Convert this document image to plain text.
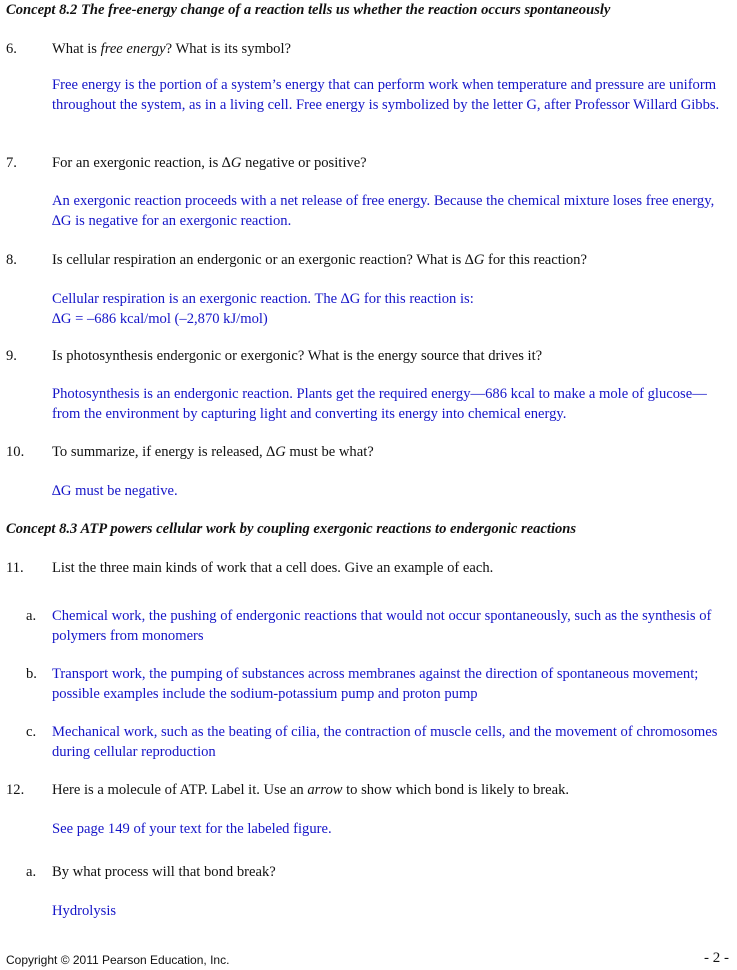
Concept 8.2 The free-energy change of a reaction tells us whether the reaction occurs spontaneously
6.	What is free energy? What is its symbol?
Free energy is the portion of a system’s energy that can perform work when temperature and pressure are uniform throughout the system, as in a living cell. Free energy is symbolized by the letter G, after Professor Willard Gibbs.
7.	For an exergonic reaction, is ∆G negative or positive?
An exergonic reaction proceeds with a net release of free energy. Because the chemical mixture loses free energy, ∆G is negative for an exergonic reaction.
8.	Is cellular respiration an endergonic or an exergonic reaction? What is ∆G for this reaction?
Cellular respiration is an exergonic reaction. The ∆G for this reaction is:
∆G = –686 kcal/mol (–2,870 kJ/mol)
9.	Is photosynthesis endergonic or exergonic? What is the energy source that drives it?
Photosynthesis is an endergonic reaction. Plants get the required energy—686 kcal to make a mole of glucose—from the environment by capturing light and converting its energy into chemical energy.
10.	To summarize, if energy is released, ∆G must be what?
∆G must be negative.
Concept 8.3 ATP powers cellular work by coupling exergonic reactions to endergonic reactions
11.	List the three main kinds of work that a cell does. Give an example of each.
a. Chemical work, the pushing of endergonic reactions that would not occur spontaneously, such as the synthesis of polymers from monomers
b. Transport work, the pumping of substances across membranes against the direction of spontaneous movement; possible examples include the sodium-potassium pump and proton pump
c. Mechanical work, such as the beating of cilia, the contraction of muscle cells, and the movement of chromosomes during cellular reproduction
12.	Here is a molecule of ATP. Label it. Use an arrow to show which bond is likely to break.
See page 149 of your text for the labeled figure.
a. By what process will that bond break?
Hydrolysis
Copyright © 2011 Pearson Education, Inc.	- 2 -
